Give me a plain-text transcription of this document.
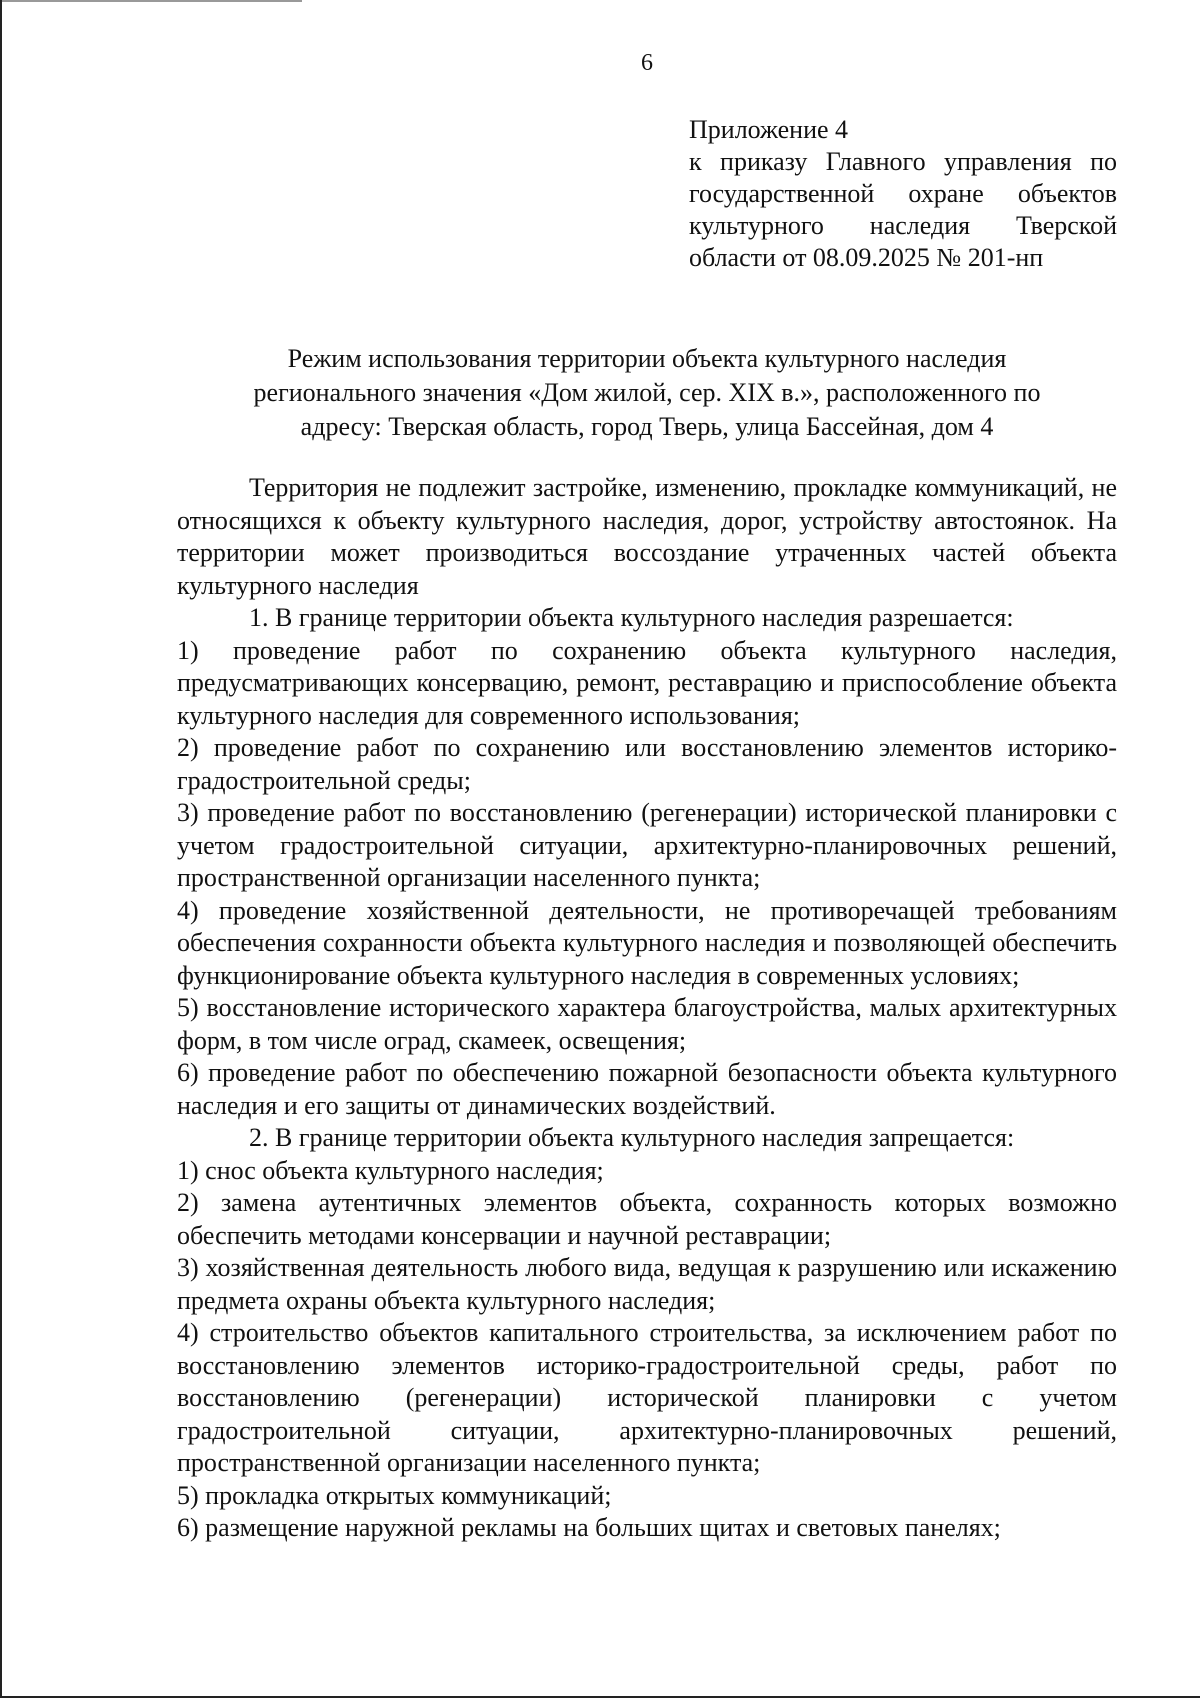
6
Приложение 4
к приказу Главного управления по государственной охране объектов культурного наследия Тверской области от 08.09.2025 № 201-нп
Режим использования территории объекта культурного наследия
регионального значения «Дом жилой, сер. XIX в.», расположенного по
адресу: Тверская область, город Тверь, улица Бассейная, дом 4

Территория не подлежит застройке, изменению, прокладке коммуникаций, не относящихся к объекту культурного наследия, дорог, устройству автостоянок. На территории может производиться воссоздание утраченных частей объекта культурного наследия

1. В границе территории объекта культурного наследия разрешается:

1) проведение работ по сохранению объекта культурного наследия, предусматривающих консервацию, ремонт, реставрацию и приспособление объекта культурного наследия для современного использования;

2) проведение работ по сохранению или восстановлению элементов историко-градостроительной среды;

3) проведение работ по восстановлению (регенерации) исторической планировки с учетом градостроительной ситуации, архитектурно-планировочных решений, пространственной организации населенного пункта;

4) проведение хозяйственной деятельности, не противоречащей требованиям обеспечения сохранности объекта культурного наследия и позволяющей обеспечить функционирование объекта культурного наследия в современных условиях;

5) восстановление исторического характера благоустройства, малых архитектурных форм, в том числе оград, скамеек, освещения;

6) проведение работ по обеспечению пожарной безопасности объекта культурного наследия и его защиты от динамических воздействий.

2. В границе территории объекта культурного наследия запрещается:

1) снос объекта культурного наследия;

2) замена аутентичных элементов объекта, сохранность которых возможно обеспечить методами консервации и научной реставрации;

3) хозяйственная деятельность любого вида, ведущая к разрушению или искажению предмета охраны объекта культурного наследия;

4) строительство объектов капитального строительства, за исключением работ по восстановлению элементов историко-градостроительной среды, работ по восстановлению (регенерации) исторической планировки с учетом градостроительной ситуации, архитектурно-планировочных решений, пространственной организации населенного пункта;

5) прокладка открытых коммуникаций;

6) размещение наружной рекламы на больших щитах и световых панелях;
